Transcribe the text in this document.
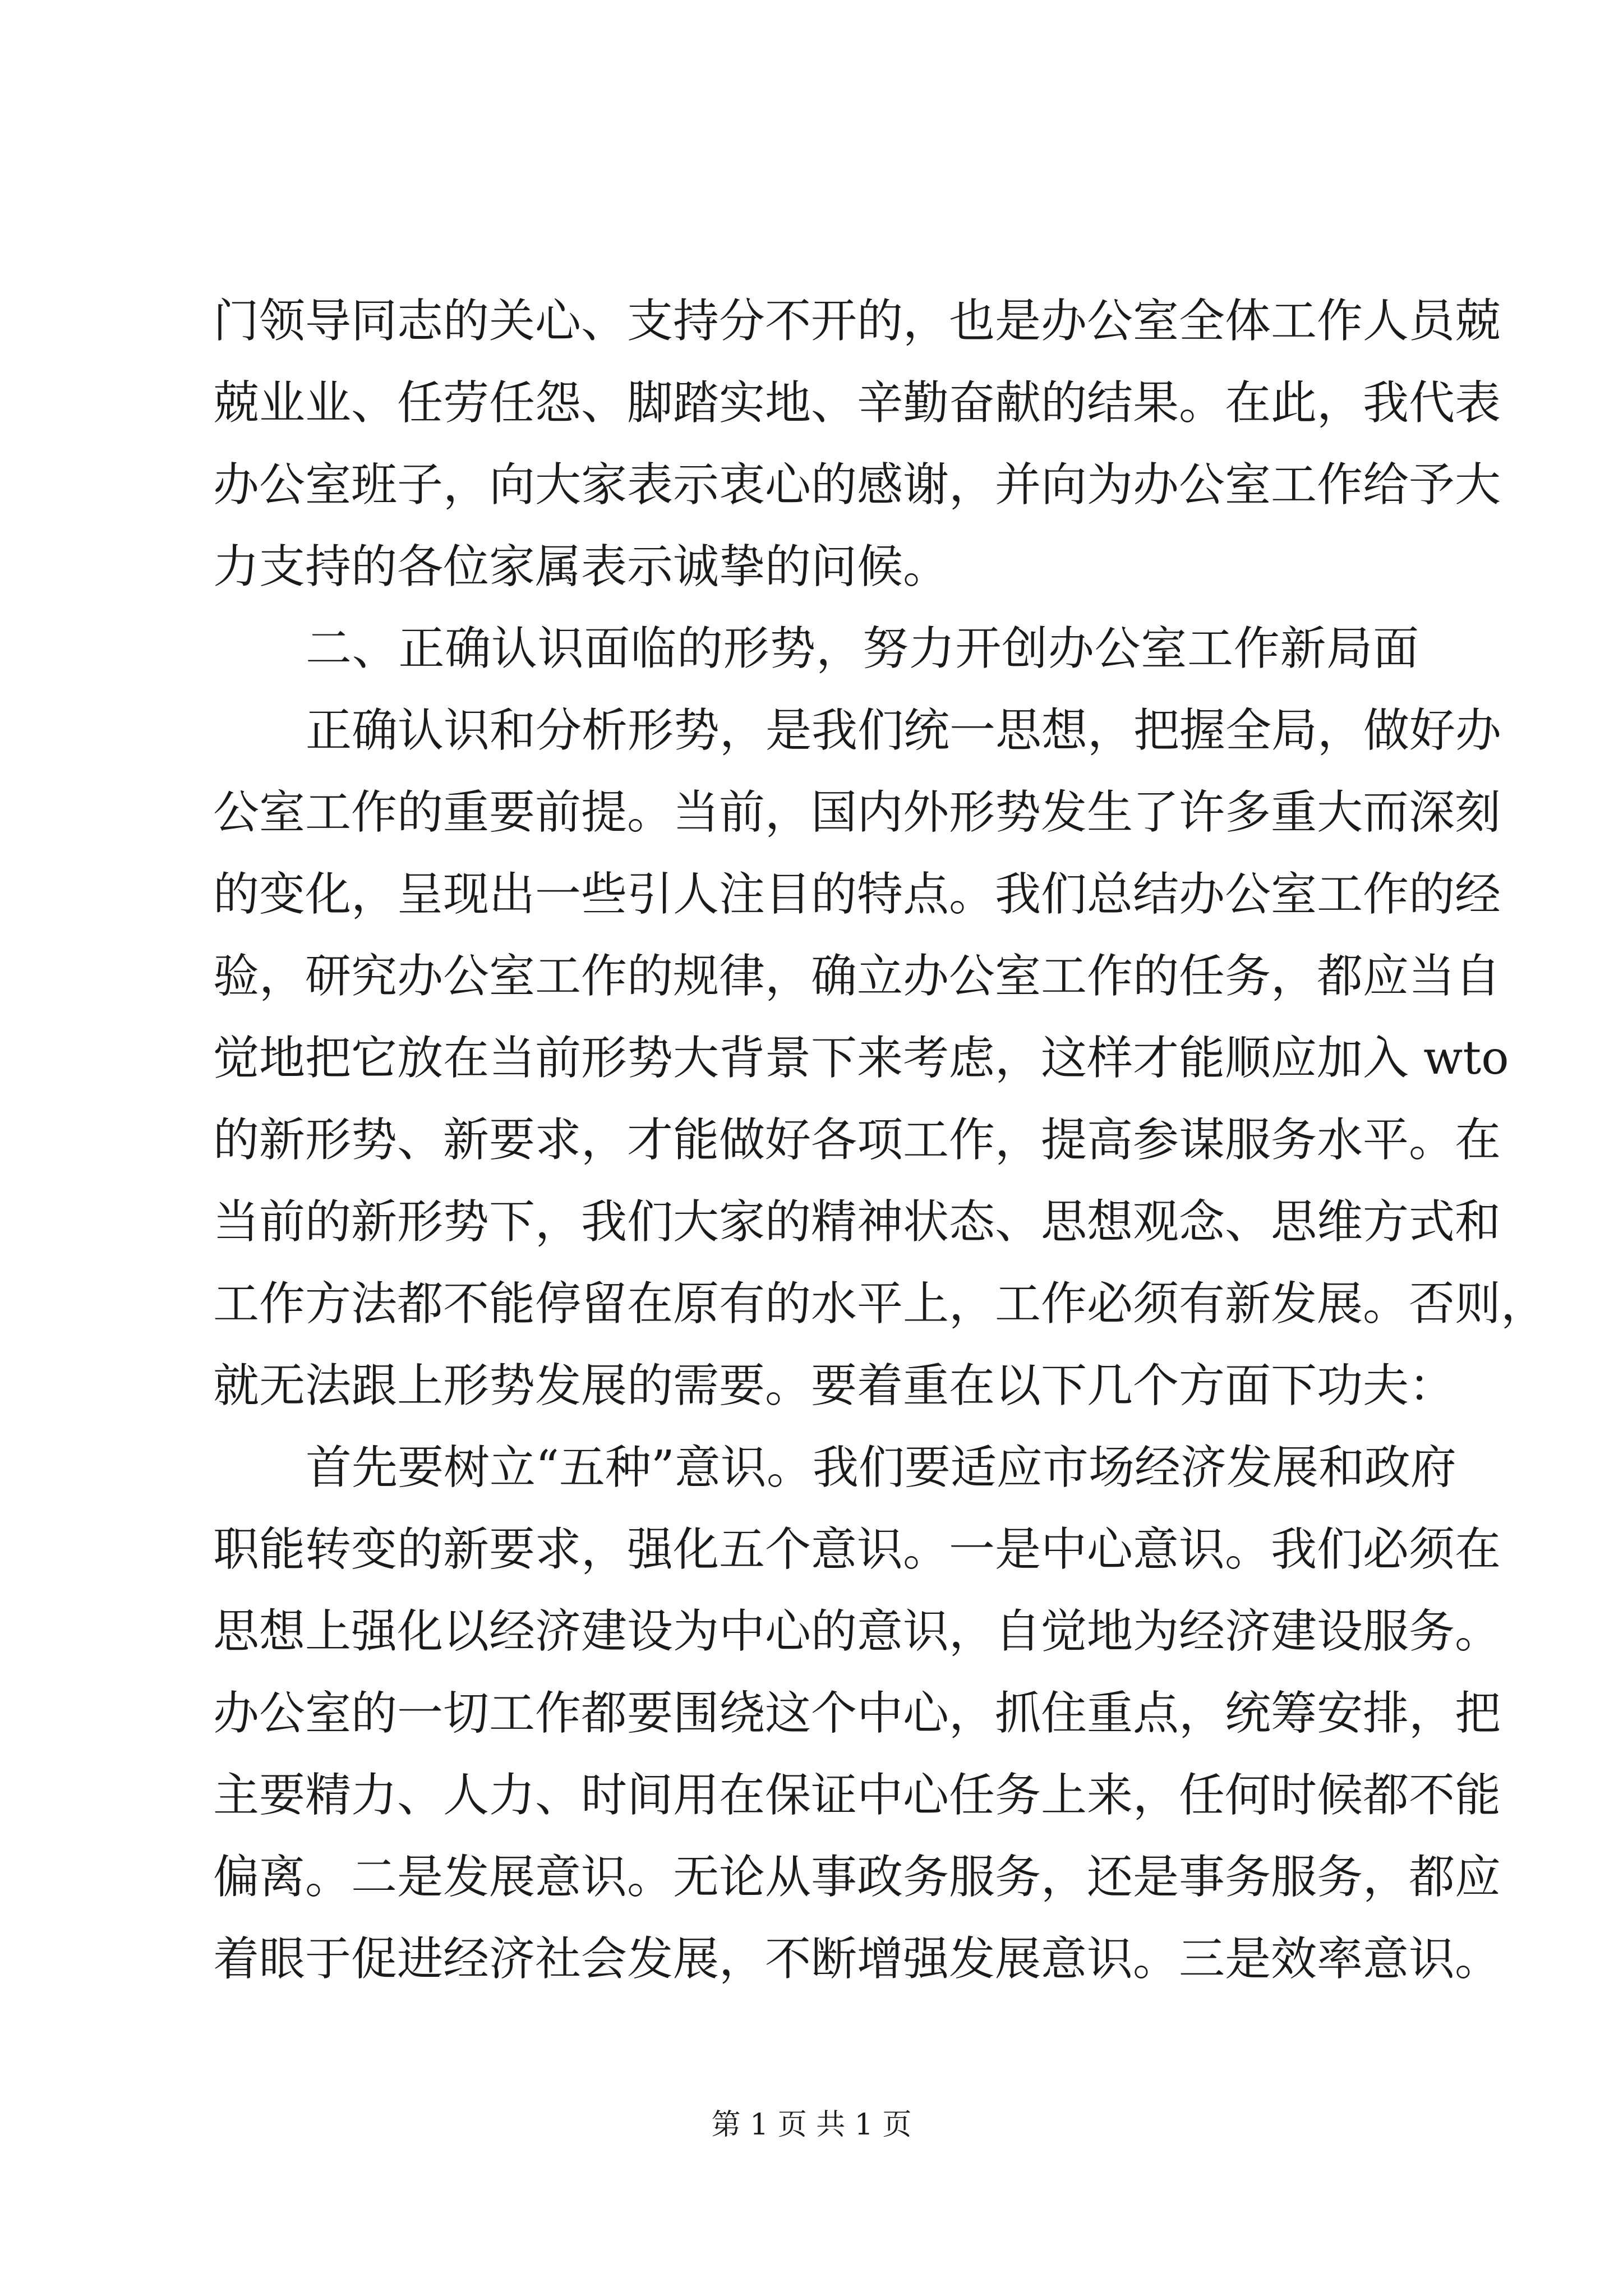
门领导同志的关心、支持分不开的，也是办公室全体工作人员兢
兢业业、任劳任怨、脚踏实地、辛勤奋献的结果。在此，我代表
办公室班子，向大家表示衷心的感谢，并向为办公室工作给予大
力支持的各位家属表示诚挚的问候。
二、正确认识面临的形势，努力开创办公室工作新局面
正确认识和分析形势，是我们统一思想，把握全局，做好办
公室工作的重要前提。当前，国内外形势发生了许多重大而深刻
的变化，呈现出一些引人注目的特点。我们总结办公室工作的经
验，研究办公室工作的规律，确立办公室工作的任务，都应当自
觉地把它放在当前形势大背景下来考虑，这样才能顺应加入 wto
的新形势、新要求，才能做好各项工作，提高参谋服务水平。在
当前的新形势下，我们大家的精神状态、思想观念、思维方式和
工作方法都不能停留在原有的水平上，工作必须有新发展。否则，
就无法跟上形势发展的需要。要着重在以下几个方面下功夫：
首先要树立“五种”意识。我们要适应市场经济发展和政府
职能转变的新要求，强化五个意识。一是中心意识。我们必须在
思想上强化以经济建设为中心的意识，自觉地为经济建设服务。
办公室的一切工作都要围绕这个中心，抓住重点，统筹安排，把
主要精力、人力、时间用在保证中心任务上来，任何时候都不能
偏离。二是发展意识。无论从事政务服务，还是事务服务，都应
着眼于促进经济社会发展，不断增强发展意识。三是效率意识。
第 1 页 共 1 页
